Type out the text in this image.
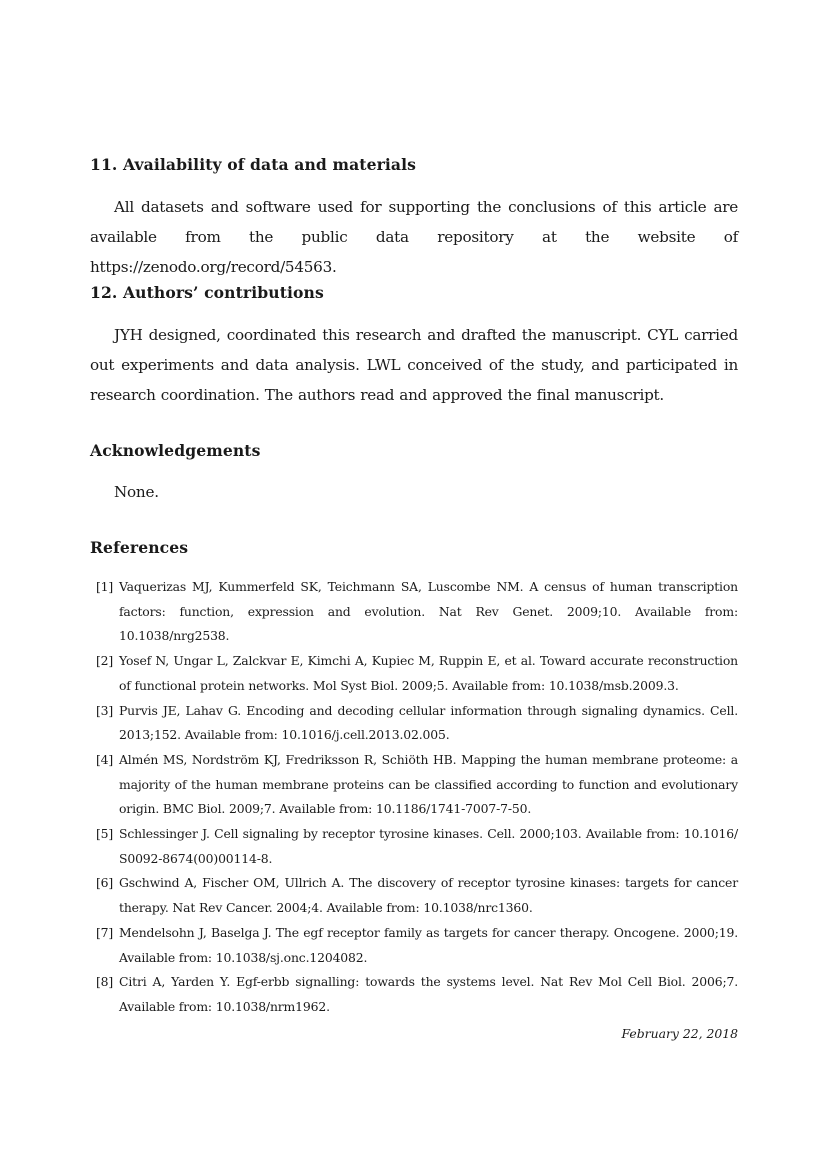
11. Availability of data and materials
All datasets and software used for supporting the conclusions of this article are available from the public data repository at the website of https://zenodo.org/record/54563.
12. Authors’ contributions
JYH designed, coordinated this research and drafted the manuscript. CYL carried out experiments and data analysis. LWL conceived of the study, and participated in research coordination. The authors read and approved the final manuscript.
Acknowledgements
None.
References
[1] Vaquerizas MJ, Kummerfeld SK, Teichmann SA, Luscombe NM. A census of human transcription factors: function, expression and evolution. Nat Rev Genet. 2009;10. Available from: 10.1038/nrg2538.
[2] Yosef N, Ungar L, Zalckvar E, Kimchi A, Kupiec M, Ruppin E, et al. Toward accurate reconstruction of functional protein networks. Mol Syst Biol. 2009;5. Available from: 10.1038/msb.2009.3.
[3] Purvis JE, Lahav G. Encoding and decoding cellular information through signaling dynamics. Cell. 2013;152. Available from: 10.1016/j.cell.2013.02.005.
[4] Almén MS, Nordström KJ, Fredriksson R, Schiöth HB. Mapping the human membrane proteome: a majority of the human membrane proteins can be classified according to function and evolutionary origin. BMC Biol. 2009;7. Available from: 10.1186/1741-7007-7-50.
[5] Schlessinger J. Cell signaling by receptor tyrosine kinases. Cell. 2000;103. Available from: 10.1016/ S0092-8674(00)00114-8.
[6] Gschwind A, Fischer OM, Ullrich A. The discovery of receptor tyrosine kinases: targets for cancer therapy. Nat Rev Cancer. 2004;4. Available from: 10.1038/nrc1360.
[7] Mendelsohn J, Baselga J. The egf receptor family as targets for cancer therapy. Oncogene. 2000;19. Available from: 10.1038/sj.onc.1204082.
[8] Citri A, Yarden Y. Egf-erbb signalling: towards the systems level. Nat Rev Mol Cell Biol. 2006;7. Available from: 10.1038/nrm1962.
February 22, 2018
